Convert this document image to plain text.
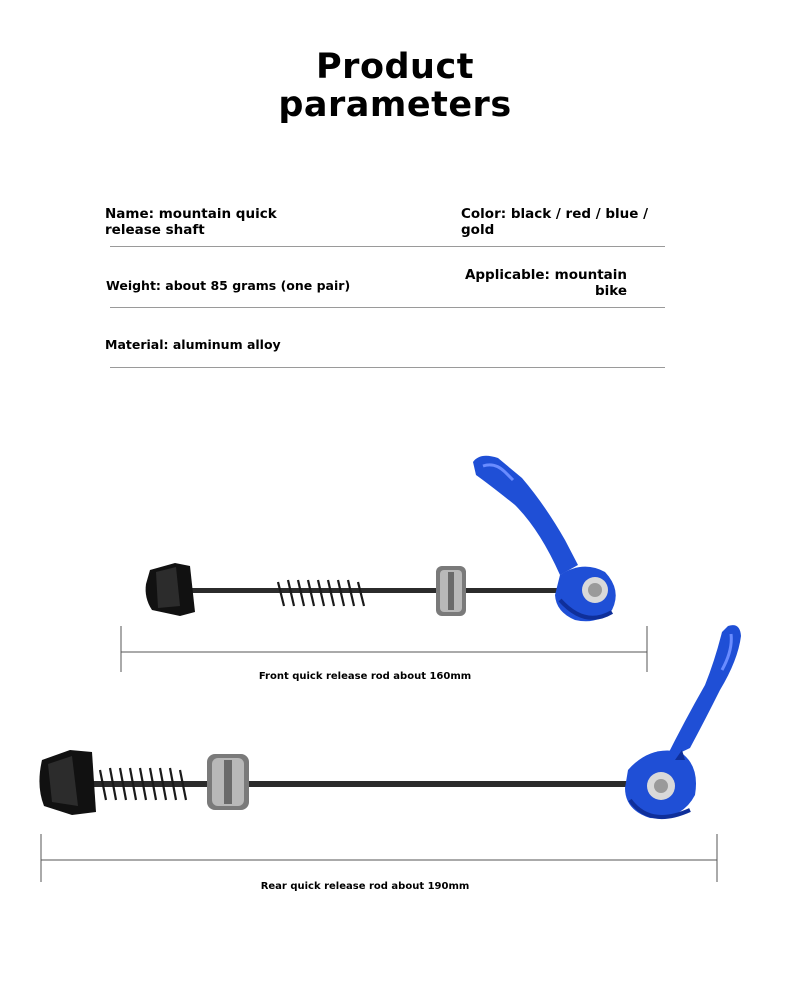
Product
parameters
Name: mountain quick release shaft
Color: black / red / blue / gold
Weight: about 85 grams (one pair)
Applicable: mountain bike
Material: aluminum alloy
Front quick release rod about 160mm
Rear quick release rod about 190mm
